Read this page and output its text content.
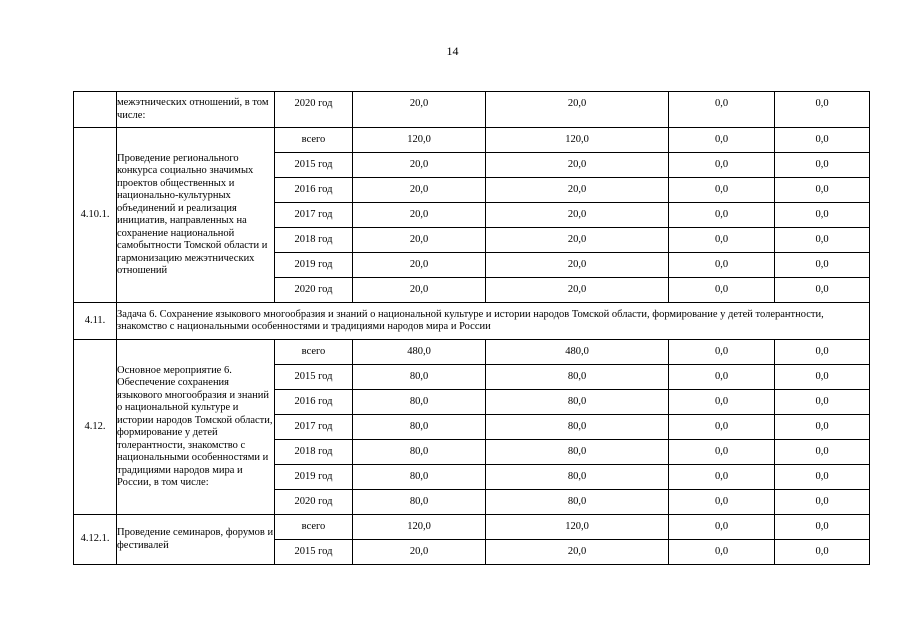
14
	межэтнических отношений, в том числе:	2020 год	20,0	20,0	0,0	0,0
4.10.1.	Проведение регионального конкурса социально значимых проектов общественных и национально-культурных объединений и реализация инициатив, направленных на сохранение национальной самобытности Томской области и гармонизацию межэтнических отношений	всего	120,0	120,0	0,0	0,0
		2015 год	20,0	20,0	0,0	0,0
		2016 год	20,0	20,0	0,0	0,0
		2017 год	20,0	20,0	0,0	0,0
		2018 год	20,0	20,0	0,0	0,0
		2019 год	20,0	20,0	0,0	0,0
		2020 год	20,0	20,0	0,0	0,0
4.11.	Задача 6. Сохранение языкового многообразия и знаний о национальной культуре и истории народов Томской области, формирование у детей толерантности, знакомство с национальными особенностями и традициями народов мира и России					
4.12.	Основное мероприятие 6. Обеспечение сохранения языкового многообразия и знаний о национальной культуре и истории народов Томской области, формирование у детей толерантности, знакомство с национальными особенностями и традициями народов мира и России, в том числе:	всего	480,0	480,0	0,0	0,0
		2015 год	80,0	80,0	0,0	0,0
		2016 год	80,0	80,0	0,0	0,0
		2017 год	80,0	80,0	0,0	0,0
		2018 год	80,0	80,0	0,0	0,0
		2019 год	80,0	80,0	0,0	0,0
		2020 год	80,0	80,0	0,0	0,0
4.12.1.	Проведение семинаров, форумов и фестивалей	всего	120,0	120,0	0,0	0,0
		2015 год	20,0	20,0	0,0	0,0
